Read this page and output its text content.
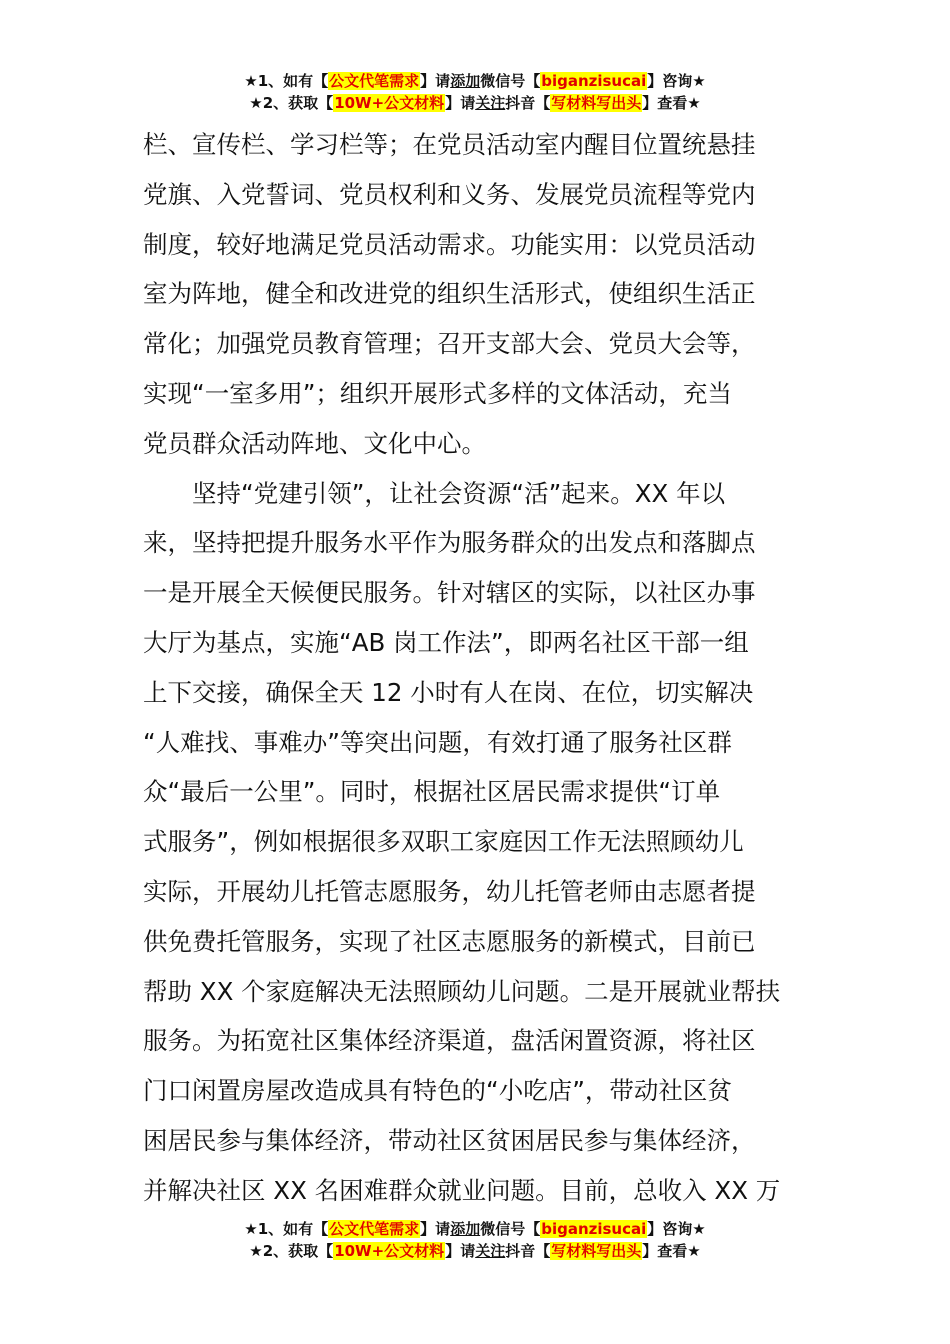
★1、如有【公文代笔需求】请添加微信号【biganzisucai】咨询★
★2、获取【10W+公文材料】请关注抖音【写材料写出头】查看★
栏、宣传栏、学习栏等；在党员活动室内醒目位置统悬挂
党旗、入党誓词、党员权利和义务、发展党员流程等党内
制度，较好地满足党员活动需求。功能实用：以党员活动
室为阵地，健全和改进党的组织生活形式，使组织生活正
常化；加强党员教育管理；召开支部大会、党员大会等，
实现“一室多用”；组织开展形式多样的文体活动，充当
党员群众活动阵地、文化中心。
坚持“党建引领”，让社会资源“活”起来。XX 年以
来，坚持把提升服务水平作为服务群众的出发点和落脚点
一是开展全天候便民服务。针对辖区的实际，以社区办事
大厅为基点，实施“AB 岗工作法”，即两名社区干部一组
上下交接，确保全天 12 小时有人在岗、在位，切实解决
“人难找、事难办”等突出问题，有效打通了服务社区群
众“最后一公里”。同时，根据社区居民需求提供“订单
式服务”，例如根据很多双职工家庭因工作无法照顾幼儿
实际，开展幼儿托管志愿服务，幼儿托管老师由志愿者提
供免费托管服务，实现了社区志愿服务的新模式，目前已
帮助 XX 个家庭解决无法照顾幼儿问题。二是开展就业帮扶
服务。为拓宽社区集体经济渠道，盘活闲置资源，将社区
门口闲置房屋改造成具有特色的“小吃店”，带动社区贫
困居民参与集体经济，带动社区贫困居民参与集体经济，
并解决社区 XX 名困难群众就业问题。目前，总收入 XX 万
★1、如有【公文代笔需求】请添加微信号【biganzisucai】咨询★
★2、获取【10W+公文材料】请关注抖音【写材料写出头】查看★
